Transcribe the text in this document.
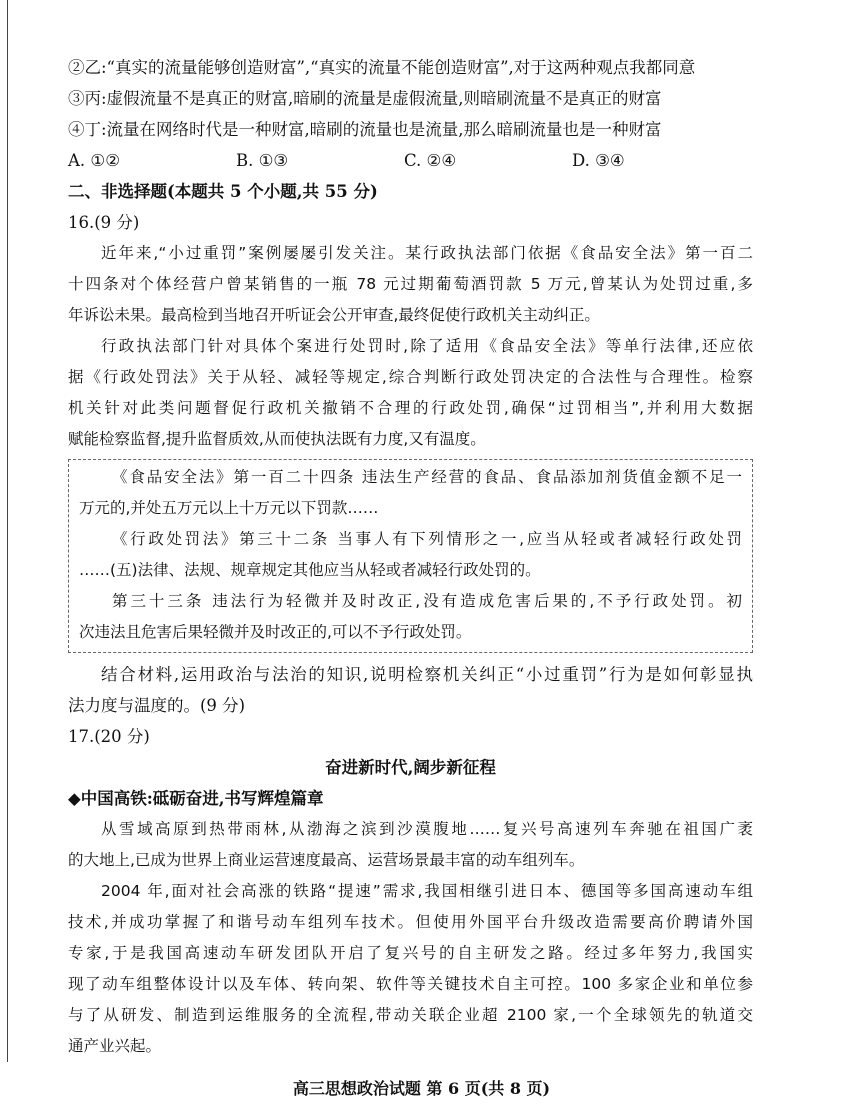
②乙:“真实的流量能够创造财富”,“真实的流量不能创造财富”,对于这两种观点我都同意
③丙:虚假流量不是真正的财富,暗刷的流量是虚假流量,则暗刷流量不是真正的财富
④丁:流量在网络时代是一种财富,暗刷的流量也是流量,那么暗刷流量也是一种财富
A. ①②	B. ①③	C. ②④	D. ③④
二、非选择题(本题共 5 个小题,共 55 分)
16.(9 分)
近年来,“小过重罚”案例屡屡引发关注。某行政执法部门依据《食品安全法》第一百二
十四条对个体经营户曾某销售的一瓶 78 元过期葡萄酒罚款 5 万元,曾某认为处罚过重,多
年诉讼未果。最高检到当地召开听证会公开审查,最终促使行政机关主动纠正。
行政执法部门针对具体个案进行处罚时,除了适用《食品安全法》等单行法律,还应依
据《行政处罚法》关于从轻、减轻等规定,综合判断行政处罚决定的合法性与合理性。检察
机关针对此类问题督促行政机关撤销不合理的行政处罚,确保“过罚相当”,并利用大数据
赋能检察监督,提升监督质效,从而使执法既有力度,又有温度。
《食品安全法》第一百二十四条 违法生产经营的食品、食品添加剂货值金额不足一
万元的,并处五万元以上十万元以下罚款……
《行政处罚法》第三十二条 当事人有下列情形之一,应当从轻或者减轻行政处罚
……(五)法律、法规、规章规定其他应当从轻或者减轻行政处罚的。
第三十三条 违法行为轻微并及时改正,没有造成危害后果的,不予行政处罚。初
次违法且危害后果轻微并及时改正的,可以不予行政处罚。
结合材料,运用政治与法治的知识,说明检察机关纠正“小过重罚”行为是如何彰显执
法力度与温度的。(9 分)
17.(20 分)
奋进新时代,阔步新征程
◆中国高铁:砥砺奋进,书写辉煌篇章
从雪域高原到热带雨林,从渤海之滨到沙漠腹地……复兴号高速列车奔驰在祖国广袤
的大地上,已成为世界上商业运营速度最高、运营场景最丰富的动车组列车。
2004 年,面对社会高涨的铁路“提速”需求,我国相继引进日本、德国等多国高速动车组
技术,并成功掌握了和谐号动车组列车技术。但使用外国平台升级改造需要高价聘请外国
专家,于是我国高速动车研发团队开启了复兴号的自主研发之路。经过多年努力,我国实
现了动车组整体设计以及车体、转向架、软件等关键技术自主可控。100 多家企业和单位参
与了从研发、制造到运维服务的全流程,带动关联企业超 2100 家,一个全球领先的轨道交
通产业兴起。
高三思想政治试题 第 6 页(共 8 页)
